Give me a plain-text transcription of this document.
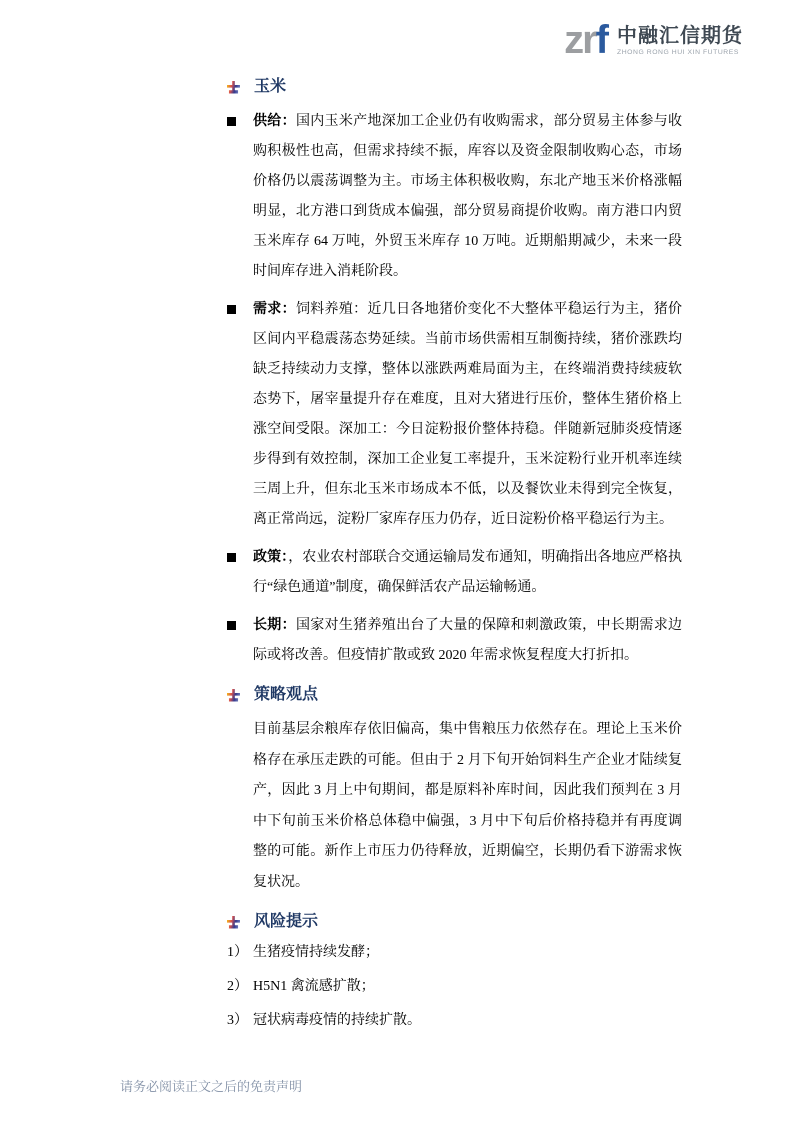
zrf 中融汇信期货
ZHONG RONG HUI XIN FUTURES
玉米
供给：国内玉米产地深加工企业仍有收购需求，部分贸易主体参与收购积极性也高，但需求持续不振，库容以及资金限制收购心态，市场价格仍以震荡调整为主。市场主体积极收购，东北产地玉米价格涨幅明显，北方港口到货成本偏强，部分贸易商提价收购。南方港口内贸玉米库存 64 万吨，外贸玉米库存 10 万吨。近期船期减少，未来一段时间库存进入消耗阶段。
需求：饲料养殖：近几日各地猪价变化不大整体平稳运行为主，猪价区间内平稳震荡态势延续。当前市场供需相互制衡持续，猪价涨跌均缺乏持续动力支撑，整体以涨跌两难局面为主，在终端消费持续疲软态势下，屠宰量提升存在难度，且对大猪进行压价，整体生猪价格上涨空间受限。深加工：今日淀粉报价整体持稳。伴随新冠肺炎疫情逐步得到有效控制，深加工企业复工率提升，玉米淀粉行业开机率连续三周上升，但东北玉米市场成本不低，以及餐饮业未得到完全恢复，离正常尚远，淀粉厂家库存压力仍存，近日淀粉价格平稳运行为主。
政策：，农业农村部联合交通运输局发布通知，明确指出各地应严格执行“绿色通道”制度，确保鲜活农产品运输畅通。
长期：国家对生猪养殖出台了大量的保障和刺激政策，中长期需求边际或将改善。但疫情扩散或致 2020 年需求恢复程度大打折扣。
策略观点

目前基层余粮库存依旧偏高，集中售粮压力依然存在。理论上玉米价格存在承压走跌的可能。但由于 2 月下旬开始饲料生产企业才陆续复产，因此 3 月上中旬期间，都是原料补库时间，因此我们预判在 3 月中下旬前玉米价格总体稳中偏强，3 月中下旬后价格持稳并有再度调整的可能。新作上市压力仍待释放，近期偏空，长期仍看下游需求恢复状况。

风险提示
1） 生猪疫情持续发酵；
2） H5N1 禽流感扩散；
3） 冠状病毒疫情的持续扩散。
请务必阅读正文之后的免责声明
